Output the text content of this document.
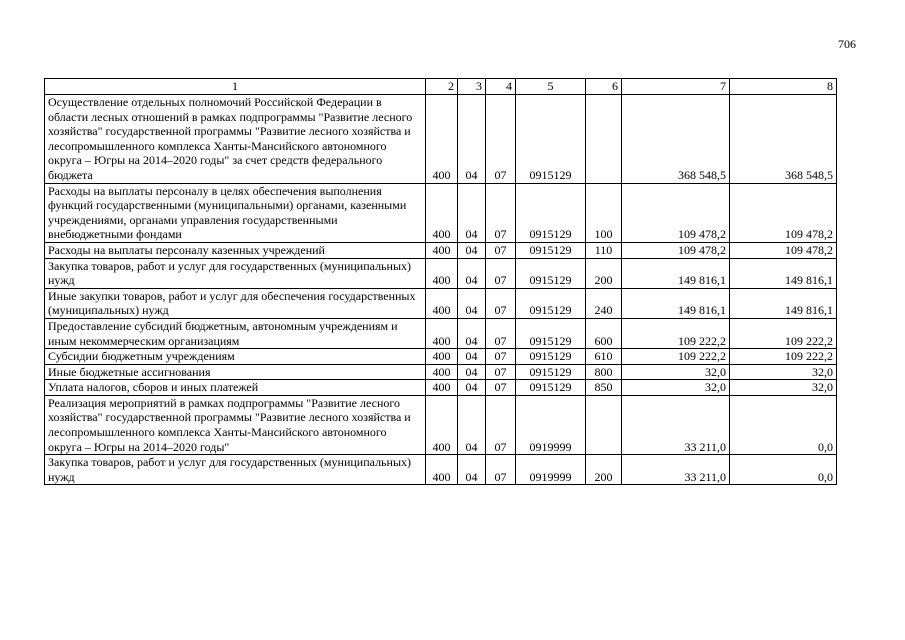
706
1	2	3	4	5	6	7	8
Осуществление отдельных полномочий Российской Федерации в области лесных отношений в рамках подпрограммы "Развитие лесного хозяйства" государственной программы "Развитие лесного хозяйства и лесопромышленного комплекса Ханты-Мансийского автономного округа – Югры на 2014–2020 годы" за счет средств федерального бюджета	400	04	07	0915129		368 548,5	368 548,5
Расходы на выплаты персоналу в целях обеспечения выполнения функций государственными (муниципальными) органами, казенными учреждениями, органами управления государственными внебюджетными фондами	400	04	07	0915129	100	109 478,2	109 478,2
Расходы на выплаты персоналу казенных учреждений	400	04	07	0915129	110	109 478,2	109 478,2
Закупка товаров, работ и услуг для государственных (муниципальных) нужд	400	04	07	0915129	200	149 816,1	149 816,1
Иные закупки товаров, работ и услуг для обеспечения государственных (муниципальных) нужд	400	04	07	0915129	240	149 816,1	149 816,1
Предоставление субсидий бюджетным, автономным учреждениям и иным некоммерческим организациям	400	04	07	0915129	600	109 222,2	109 222,2
Субсидии бюджетным учреждениям	400	04	07	0915129	610	109 222,2	109 222,2
Иные бюджетные ассигнования	400	04	07	0915129	800	32,0	32,0
Уплата налогов, сборов и иных платежей	400	04	07	0915129	850	32,0	32,0
Реализация мероприятий в рамках подпрограммы "Развитие лесного хозяйства" государственной программы "Развитие лесного хозяйства и лесопромышленного комплекса Ханты-Мансийского автономного округа – Югры на 2014–2020 годы"	400	04	07	0919999		33 211,0	0,0
Закупка товаров, работ и услуг для государственных (муниципальных) нужд	400	04	07	0919999	200	33 211,0	0,0
